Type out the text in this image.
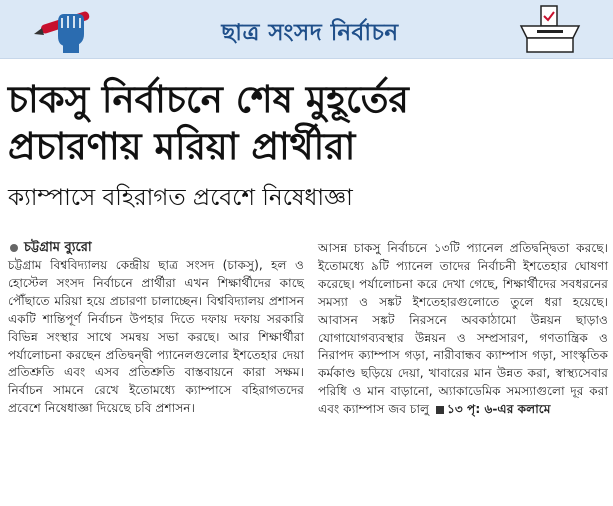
ছাত্র সংসদ নির্বাচন
চাকসু নির্বাচনে শেষ মুহূর্তের
প্রচারণায় মরিয়া প্রার্থীরা
ক্যাম্পাসে বহিরাগত প্রবেশে নিষেধাজ্ঞা
চট্টগ্রাম ব্যুরো
চট্টগ্রাম বিশ্ববিদ্যালয় কেন্দ্রীয় ছাত্র সংসদ (চাকসু), হল ও হোস্টেল সংসদ নির্বাচনে প্রার্থীরা এখন শিক্ষার্থীদের কাছে পৌঁছাতে মরিয়া হয়ে প্রচারণা চালাচ্ছেন। বিশ্ববিদ্যালয় প্রশাসন একটি শান্তিপূর্ণ নির্বাচন উপহার দিতে দফায় দফায় সরকারি বিভিন্ন সংস্থার সাথে সমন্বয় সভা করছে। আর শিক্ষার্থীরা পর্যালোচনা করছেন প্রতিদ্বন্দ্বী প্যানেলগুলোর ইশতেহার দেয়া প্রতিশ্রুতি এবং এসব প্রতিশ্রুতি বাস্তবায়নে কারা সক্ষম। নির্বাচন সামনে রেখে ইতোমধ্যে ক্যাম্পাসে বহিরাগতদের প্রবেশে নিষেধাজ্ঞা দিয়েছে চবি প্রশাসন।
আসন্ন চাকসু নির্বাচনে ১৩টি প্যানেল প্রতিদ্বন্দ্বিতা করছে। ইতোমধ্যে ৯টি প্যানেল তাদের নির্বাচনী ইশতেহার ঘোষণা করেছে। পর্যালোচনা করে দেখা গেছে, শিক্ষার্থীদের সবধরনের সমস্যা ও সঙ্কট ইশতেহারগুলোতে তুলে ধরা হয়েছে। আবাসন সঙ্কট নিরসনে অবকাঠামো উন্নয়ন ছাড়াও যোগাযোগব্যবস্থার উন্নয়ন ও সম্প্রসারণ, গণতান্ত্রিক ও নিরাপদ ক্যাম্পাস গড়া, নারীবান্ধব ক্যাম্পাস গড়া, সাংস্কৃতিক কর্মকাণ্ড ছড়িয়ে দেয়া, খাবারের মান উন্নত করা, স্বাস্থ্যসেবার পরিধি ও মান বাড়ানো, অ্যাকাডেমিক সমস্যাগুলো দূর করা এবং ক্যাম্পাস জব চালু ১৩ পৃ: ৬-এর কলামে
